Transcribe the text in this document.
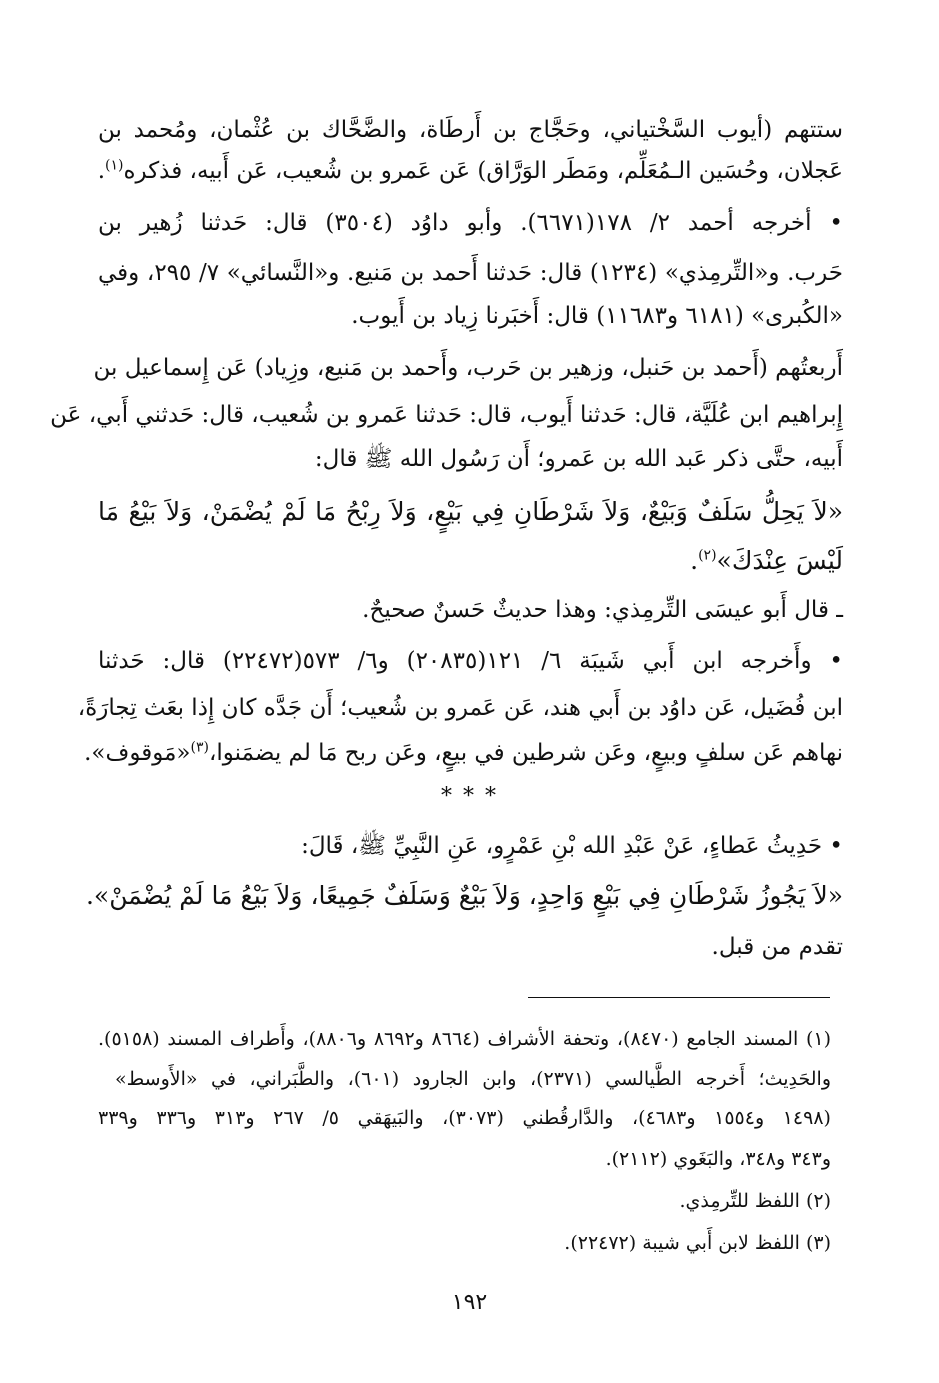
ستتهم (أيوب السَّخْتياني، وحَجَّاج بن أَرطَاة، والضَّحَّاك بن عُثْمان، ومُحمد بن
عَجلان، وحُسَين الـمُعَلِّم، ومَطَر الوَرَّاق) عَن عَمرو بن شُعيب، عَن أَبيه، فذكره$^{(١)}$.
• أخرجه أحمد ٢/ ١٧٨(٦٦٧١). وأبو داوُد (٣٥٠٤) قال: حَدثنا زُهير بن
حَرب. و«التِّرمِذي» (١٢٣٤) قال: حَدثنا أَحمد بن مَنيع. و«النَّسائي» ٧/ ٢٩٥، وفي
«الكُبرى» (٦١٨١ و١١٦٨٣) قال: أَخبَرنا زِياد بن أَيوب.
أَربعتُهم (أَحمد بن حَنبل، وزهير بن حَرب، وأَحمد بن مَنيع، وزِياد) عَن إِسماعيل بن
إِبراهيم ابن عُلَيَّة، قال: حَدثنا أَيوب، قال: حَدثنا عَمرو بن شُعيب، قال: حَدثني أَبي، عَن
أَبيه، حتَّى ذكر عَبد الله بن عَمرو؛ أَن رَسُول الله ﷺ قال:
«لاَ يَحِلُّ سَلَفٌ وَبَيْعٌ، وَلاَ شَرْطَانِ فِي بَيْعٍ، وَلاَ رِبْحُ مَا لَمْ يُضْمَنْ، وَلاَ بَيْعُ مَا
لَيْسَ عِنْدَكَ»$^{(٢)}$.
ـ قال أَبو عيسَى التِّرمِذي: وهذا حديثٌ حَسنٌ صحيحٌ.
• وأَخرجه ابن أَبي شَيبَة ٦/ ١٢١(٢٠٨٣٥) و٦/ ٥٧٣(٢٢٤٧٢) قال: حَدثنا
ابن فُضَيل، عَن داوُد بن أَبي هند، عَن عَمرو بن شُعيب؛ أَن جَدَّه كان إِذا بعَث تِجارَةً،
نهاهم عَن سلفٍ وبيعٍ، وعَن شرطين في بيعٍ، وعَن ربح مَا لم يضمَنوا،$^{(٣)}$«مَوقوف».
* * *
• حَدِيثُ عَطاءٍ، عَنْ عَبْدِ الله بْنِ عَمْرٍو، عَنِ النَّبِيِّ ﷺ، قَالَ:
«لاَ يَجُوزُ شَرْطَانِ فِي بَيْعٍ وَاحِدٍ، وَلاَ بَيْعٌ وَسَلَفٌ جَمِيعًا، وَلاَ بَيْعُ مَا لَمْ يُضْمَنْ».
تقدم من قبل.
(١) المسند الجامع (٨٤٧٠)، وتحفة الأشراف (٨٦٦٤ و٨٦٩٢ و٨٨٠٦)، وأَطراف المسند (٥١٥٨).
والحَدِيث؛ أَخرجه الطَّيالسي (٢٣٧١)، وابن الجارود (٦٠١)، والطَّبَراني، في «الأَوسط»
(١٤٩٨ و١٥٥٤ و٤٦٨٣)، والدَّارقُطني (٣٠٧٣)، والبَيهَقي ٥/ ٢٦٧ و٣١٣ و٣٣٦ و٣٣٩
و٣٤٣ و٣٤٨، والبَغَوي (٢١١٢).
(٢) اللفظ للتِّرمِذي.
(٣) اللفظ لابن أَبي شيبة (٢٢٤٧٢).
١٩٢
